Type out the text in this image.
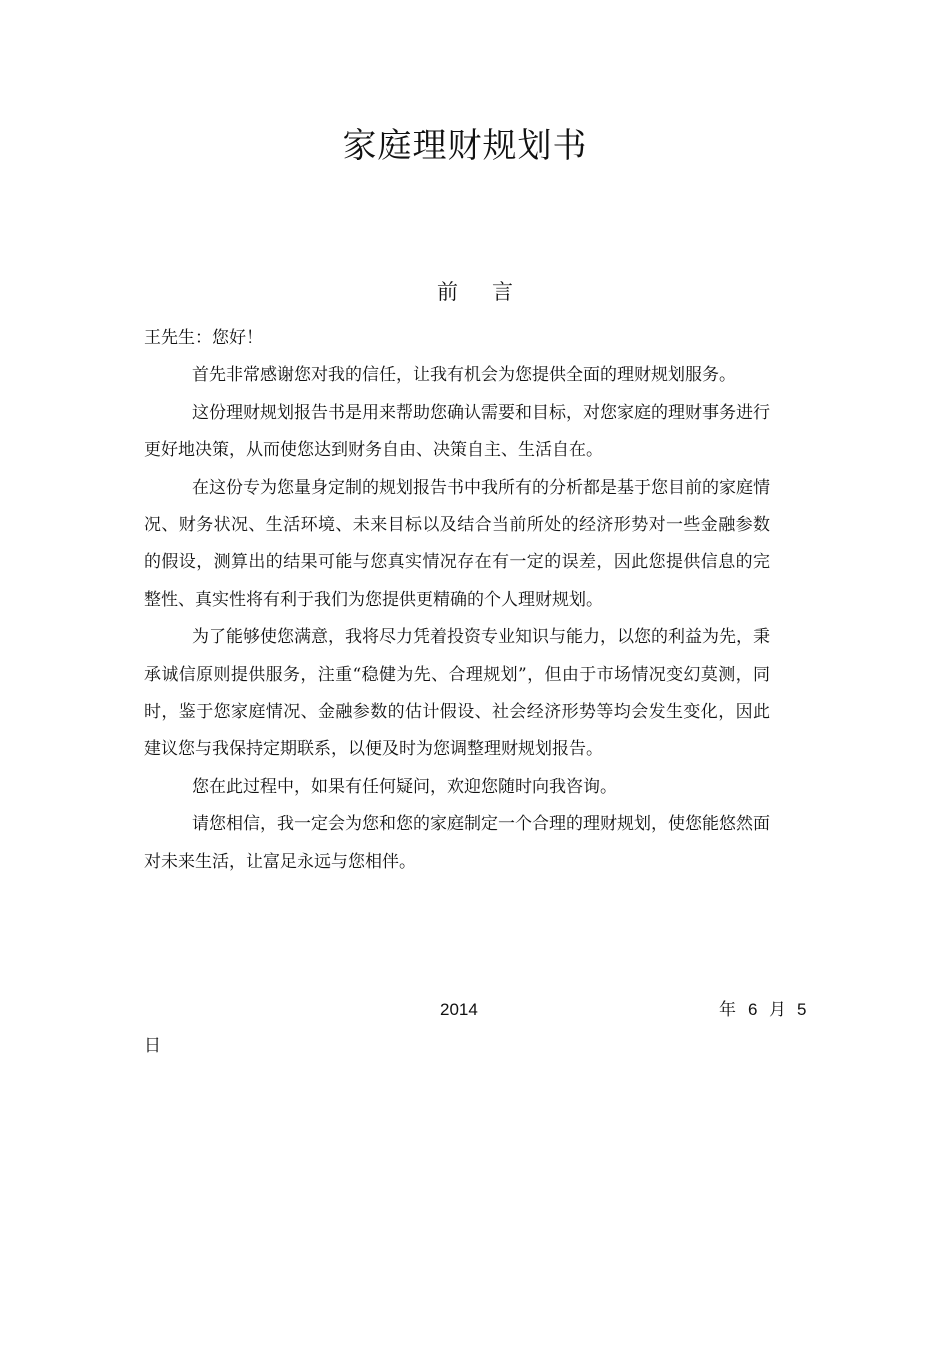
家庭理财规划书
前言

王先生：您好！

首先非常感谢您对我的信任，让我有机会为您提供全面的理财规划服务。

这份理财规划报告书是用来帮助您确认需要和目标，对您家庭的理财事务进行更好地决策，从而使您达到财务自由、决策自主、生活自在。

在这份专为您量身定制的规划报告书中我所有的分析都是基于您目前的家庭情况、财务状况、生活环境、未来目标以及结合当前所处的经济形势对一些金融参数的假设，测算出的结果可能与您真实情况存在有一定的误差，因此您提供信息的完整性、真实性将有利于我们为您提供更精确的个人理财规划。

为了能够使您满意，我将尽力凭着投资专业知识与能力，以您的利益为先，秉承诚信原则提供服务，注重“稳健为先、合理规划”，但由于市场情况变幻莫测，同时，鉴于您家庭情况、金融参数的估计假设、社会经济形势等均会发生变化，因此建议您与我保持定期联系，以便及时为您调整理财规划报告。

您在此过程中，如果有任何疑问，欢迎您随时向我咨询。

请您相信，我一定会为您和您的家庭制定一个合理的理财规划，使您能悠然面对未来生活，让富足永远与您相伴。

2014	年 6 月 5
日
